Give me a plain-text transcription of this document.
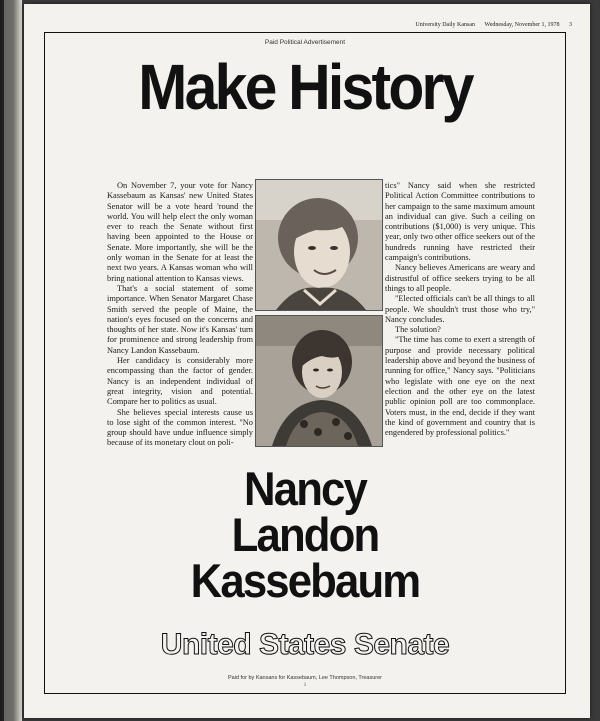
University Daily Kansan Wednesday, November 1, 1978 3
Paid Political Advertisement
Make History

On November 7, your vote for Nancy Kassebaum as Kansas' new United States Senator will be a vote heard 'round the world. You will help elect the only woman ever to reach the Senate without first having been appointed to the House or Senate. More importantly, she will be the only woman in the Senate for at least the next two years. A Kansas woman who will bring national attention to Kansas views.

That's a social statement of some importance. When Senator Margaret Chase Smith served the people of Maine, the nation's eyes focused on the concerns and thoughts of her state. Now it's Kansas' turn for prominence and strong leadership from Nancy Landon Kassebaum.

Her candidacy is considerably more encompassing than the factor of gender. Nancy is an independent individual of great integrity, vision and potential. Compare her to politics as usual.

She believes special interests cause us to lose sight of the common interest. "No group should have undue influence simply because of its monetary clout on poli-

tics" Nancy said when she restricted Political Action Committee contributions to her campaign to the same maximum amount an individual can give. Such a ceiling on contributions ($1,000) is very unique. This year, only two other office seekers out of the hundreds running have restricted their campaign's contributions.

Nancy believes Americans are weary and distrustful of office seekers trying to be all things to all people.

"Elected officials can't be all things to all people. We shouldn't trust those who try," Nancy concludes.

The solution?

"The time has come to exert a strength of purpose and provide necessary political leadership above and beyond the business of running for office," Nancy says. "Politicians who legislate with one eye on the next election and the other eye on the latest public opinion poll are too commonplace. Voters must, in the end, decide if they want the kind of government and country that is engendered by professional politics."

Nancy
Landon
Kassebaum
United States Senate
Paid for by Kansans for Kassebaum, Lee Thompson, Treasurer
1
